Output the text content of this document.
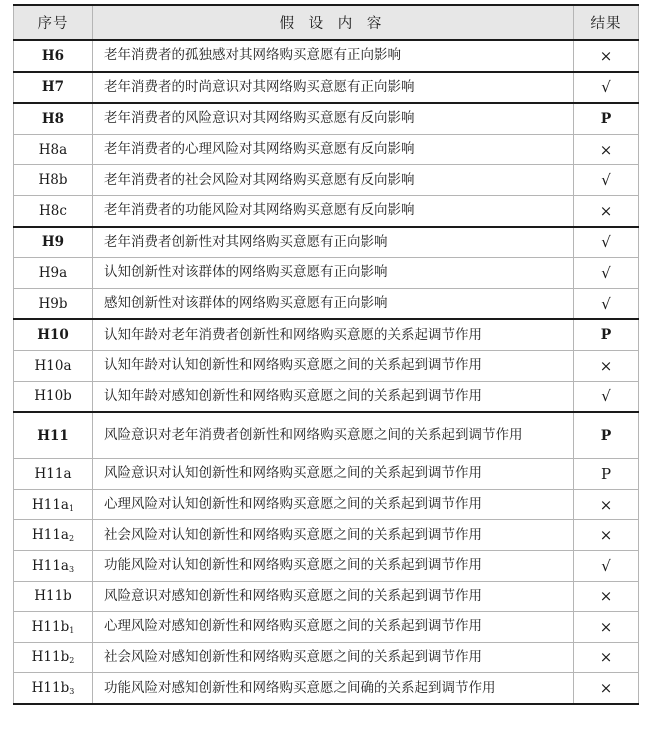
序号	假 设 内 容	结果
H6	老年消费者的孤独感对其网络购买意愿有正向影响	×
H7	老年消费者的时尚意识对其网络购买意愿有正向影响	√
H8	老年消费者的风险意识对其网络购买意愿有反向影响	P
H8a	老年消费者的心理风险对其网络购买意愿有反向影响	×
H8b	老年消费者的社会风险对其网络购买意愿有反向影响	√
H8c	老年消费者的功能风险对其网络购买意愿有反向影响	×
H9	老年消费者创新性对其网络购买意愿有正向影响	√
H9a	认知创新性对该群体的网络购买意愿有正向影响	√
H9b	感知创新性对该群体的网络购买意愿有正向影响	√
H10	认知年龄对老年消费者创新性和网络购买意愿的关系起调节作用	P
H10a	认知年龄对认知创新性和网络购买意愿之间的关系起到调节作用	×
H10b	认知年龄对感知创新性和网络购买意愿之间的关系起到调节作用	√
H11	风险意识对老年消费者创新性和网络购买意愿之间的关系起到调节作用	P
H11a	风险意识对认知创新性和网络购买意愿之间的关系起到调节作用	P
$H11a_1$	心理风险对认知创新性和网络购买意愿之间的关系起到调节作用	×
$H11a_2$	社会风险对认知创新性和网络购买意愿之间的关系起到调节作用	×
$H11a_3$	功能风险对认知创新性和网络购买意愿之间的关系起到调节作用	√
H11b	风险意识对感知创新性和网络购买意愿之间的关系起到调节作用	×
$H11b_1$	心理风险对感知创新性和网络购买意愿之间的关系起到调节作用	×
$H11b_2$	社会风险对感知创新性和网络购买意愿之间的关系起到调节作用	×
$H11b_3$	功能风险对感知创新性和网络购买意愿之间确的关系起到调节作用	×
